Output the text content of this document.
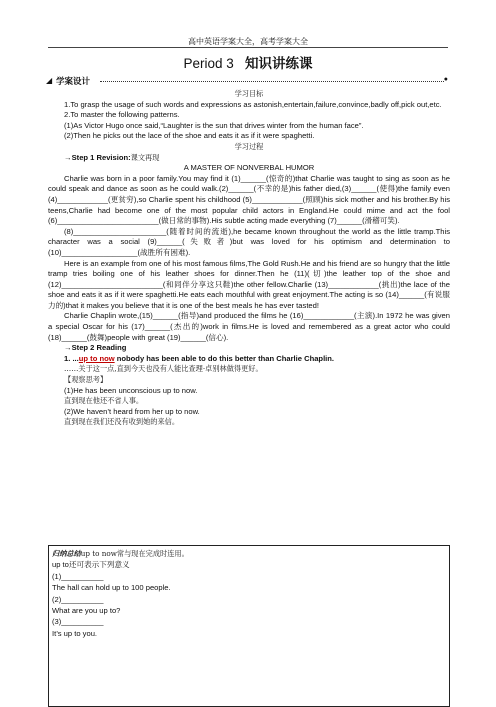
高中英语学案大全，高考学案大全
Period 3 知识讲练课
◢ 学案设计	●

学习目标

1.To grasp the usage of such words and expressions as astonish,entertain,failure,convince,badly off,pick out,etc.

2.To master the following patterns.

(1)As Victor Hugo once said,“Laughter is the sun that drives winter from the human face”.

(2)Then he picks out the lace of the shoe and eats it as if it were spaghetti.

学习过程

→Step 1 Revision:课文再现

A MASTER OF NONVERBAL HUMOR

Charlie was born in a poor family.You may find it (1)______(惊奇的)that Charlie was taught to sing as soon as he could speak and dance as soon as he could walk.(2)______(不幸的是)his father died,(3)______(使得)the family even (4)____________(更贫穷),so Charlie spent his childhood (5)____________(照顾)his sick mother and his brother.By his teens,Charlie had become one of the most popular child actors in England.He could mime and act the fool (6)________________________(做日常的事物).His subtle acting made everything (7)______(滑稽可笑).

(8)______________________(随着时间的流逝),he became known throughout the world as the little tramp.This character was a social (9)______(失败者)but was loved for his optimism and determination to (10)__________________(战胜所有困难).

Here is an example from one of his most famous films,The Gold Rush.He and his friend are so hungry that the little tramp tries boiling one of his leather shoes for dinner.Then he (11)(切)the leather top of the shoe and (12)________________________(和同伴分享这只鞋)the other fellow.Charlie (13)____________(挑出)the lace of the shoe and eats it as if it were spaghetti.He eats each mouthful with great enjoyment.The acting is so (14)______(有说服力的)that it makes you believe that it is one of the best meals he has ever tasted!

Charlie Chaplin wrote,(15)______(指导)and produced the films he (16)____________(主演).In 1972 he was given a special Oscar for his (17)______(杰出的)work in films.He is loved and remembered as a great actor who could (18)______(鼓舞)people with great (19)______(信心).

→Step 2 Reading

1. ...up to now nobody has been able to do this better than Charlie Chaplin.

……关于这一点,直到今天也没有人能比查理·卓别林做得更好。

【观察思考】

(1)He has been unconscious up to now.

直到现在他还不省人事。

(2)We haven’t heard from her up to now.

直到现在我们还没有收到她的来信。

归纳总结up to now常与现在完成时连用。

up to还可表示下列意义

(1)__________

The hall can hold up to 100 people.

(2)__________

What are you up to?

(3)__________

It’s up to you.
